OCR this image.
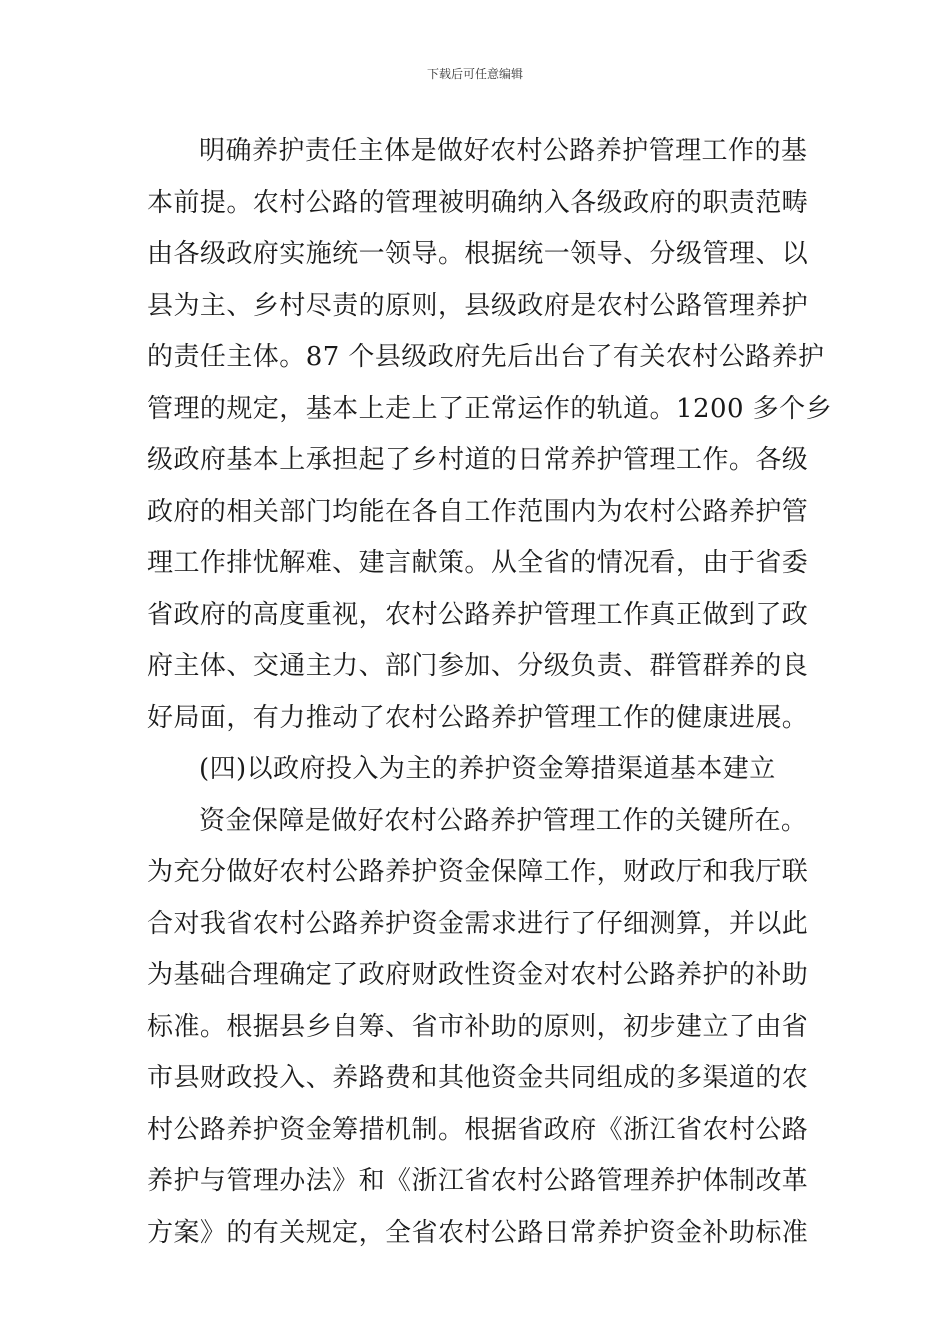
下载后可任意编辑
明确养护责任主体是做好农村公路养护管理工作的基
本前提。农村公路的管理被明确纳入各级政府的职责范畴
由各级政府实施统一领导。根据统一领导、分级管理、以
县为主、乡村尽责的原则，县级政府是农村公路管理养护
的责任主体。87 个县级政府先后出台了有关农村公路养护
管理的规定，基本上走上了正常运作的轨道。1200 多个乡
级政府基本上承担起了乡村道的日常养护管理工作。各级
政府的相关部门均能在各自工作范围内为农村公路养护管
理工作排忧解难、建言献策。从全省的情况看，由于省委
省政府的高度重视，农村公路养护管理工作真正做到了政
府主体、交通主力、部门参加、分级负责、群管群养的良
好局面，有力推动了农村公路养护管理工作的健康进展。
(四)以政府投入为主的养护资金筹措渠道基本建立
资金保障是做好农村公路养护管理工作的关键所在。
为充分做好农村公路养护资金保障工作，财政厅和我厅联
合对我省农村公路养护资金需求进行了仔细测算，并以此
为基础合理确定了政府财政性资金对农村公路养护的补助
标准。根据县乡自筹、省市补助的原则，初步建立了由省
市县财政投入、养路费和其他资金共同组成的多渠道的农
村公路养护资金筹措机制。根据省政府《浙江省农村公路
养护与管理办法》和《浙江省农村公路管理养护体制改革
方案》的有关规定，全省农村公路日常养护资金补助标准
